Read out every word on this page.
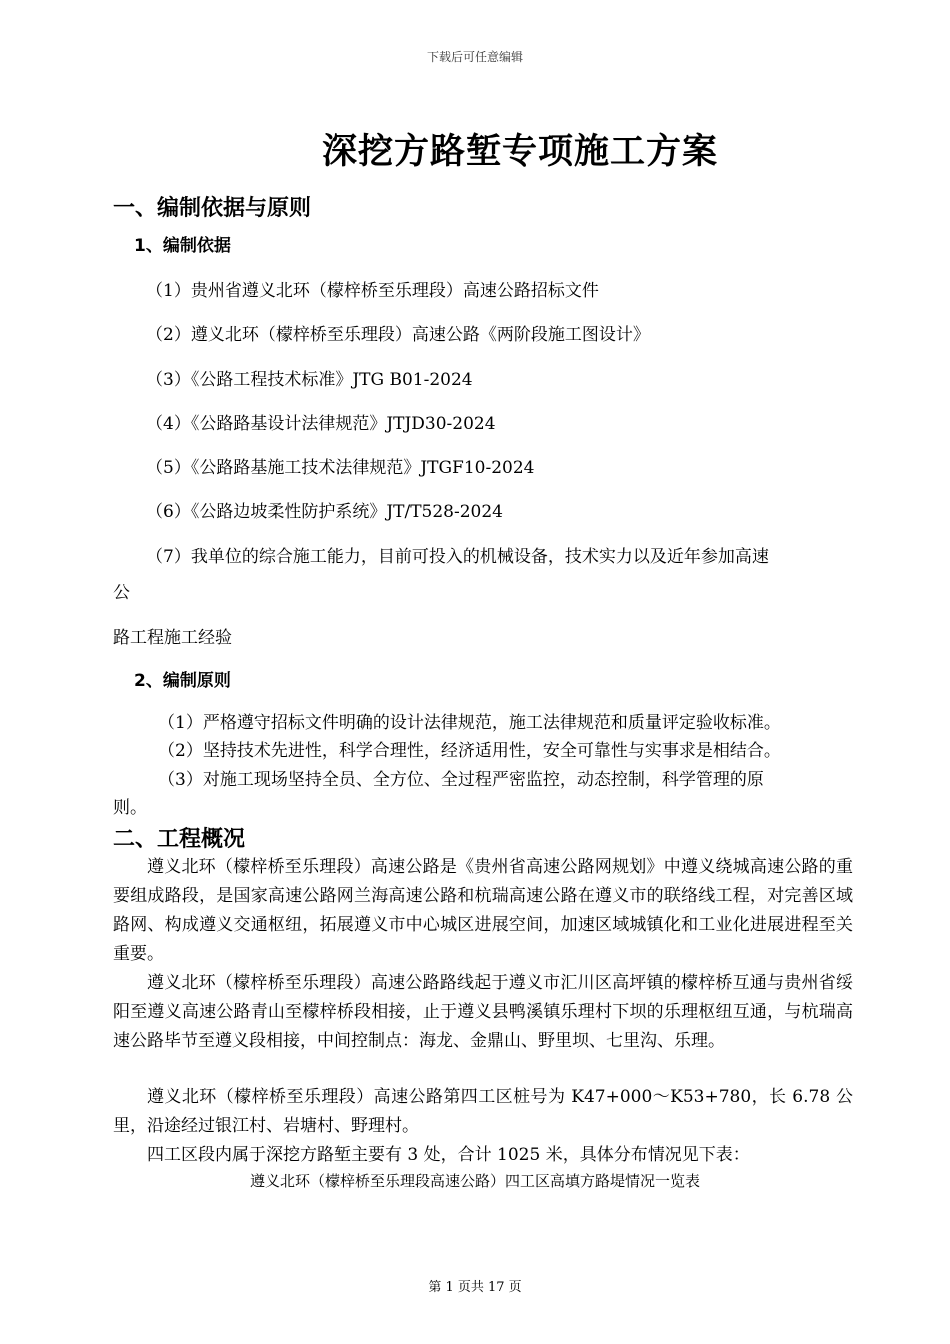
下载后可任意编辑
深挖方路堑专项施工方案
一、编制依据与原则
1、编制依据
（1）贵州省遵义北环（檬梓桥至乐理段）高速公路招标文件
（2）遵义北环（檬梓桥至乐理段）高速公路《两阶段施工图设计》
（3）《公路工程技术标准》JTG B01-2024
（4）《公路路基设计法律规范》JTJD30-2024
（5）《公路路基施工技术法律规范》JTGF10-2024
（6）《公路边坡柔性防护系统》JT/T528-2024
（7）我单位的综合施工能力，目前可投入的机械设备，技术实力以及近年参加高速
公
路工程施工经验
2、编制原则
（1）严格遵守招标文件明确的设计法律规范，施工法律规范和质量评定验收标准。
（2）坚持技术先进性，科学合理性，经济适用性，安全可靠性与实事求是相结合。
（3）对施工现场坚持全员、全方位、全过程严密监控，动态控制，科学管理的原
则。
二、工程概况
遵义北环（檬梓桥至乐理段）高速公路是《贵州省高速公路网规划》中遵义绕城高速公路的重要组成路段，是国家高速公路网兰海高速公路和杭瑞高速公路在遵义市的联络线工程，对完善区域路网、构成遵义交通枢纽，拓展遵义市中心城区进展空间，加速区域城镇化和工业化进展进程至关重要。
遵义北环（檬梓桥至乐理段）高速公路路线起于遵义市汇川区高坪镇的檬梓桥互通与贵州省绥阳至遵义高速公路青山至檬梓桥段相接，止于遵义县鸭溪镇乐理村下坝的乐理枢纽互通，与杭瑞高速公路毕节至遵义段相接，中间控制点：海龙、金鼎山、野里坝、七里沟、乐理。
遵义北环（檬梓桥至乐理段）高速公路第四工区桩号为 K47+000～K53+780，长 6.78 公里，沿途经过银江村、岩塘村、野理村。
四工区段内属于深挖方路堑主要有 3 处，合计 1025 米，具体分布情况见下表：
遵义北环（檬梓桥至乐理段高速公路）四工区高填方路堤情况一览表
第 1 页共 17 页
